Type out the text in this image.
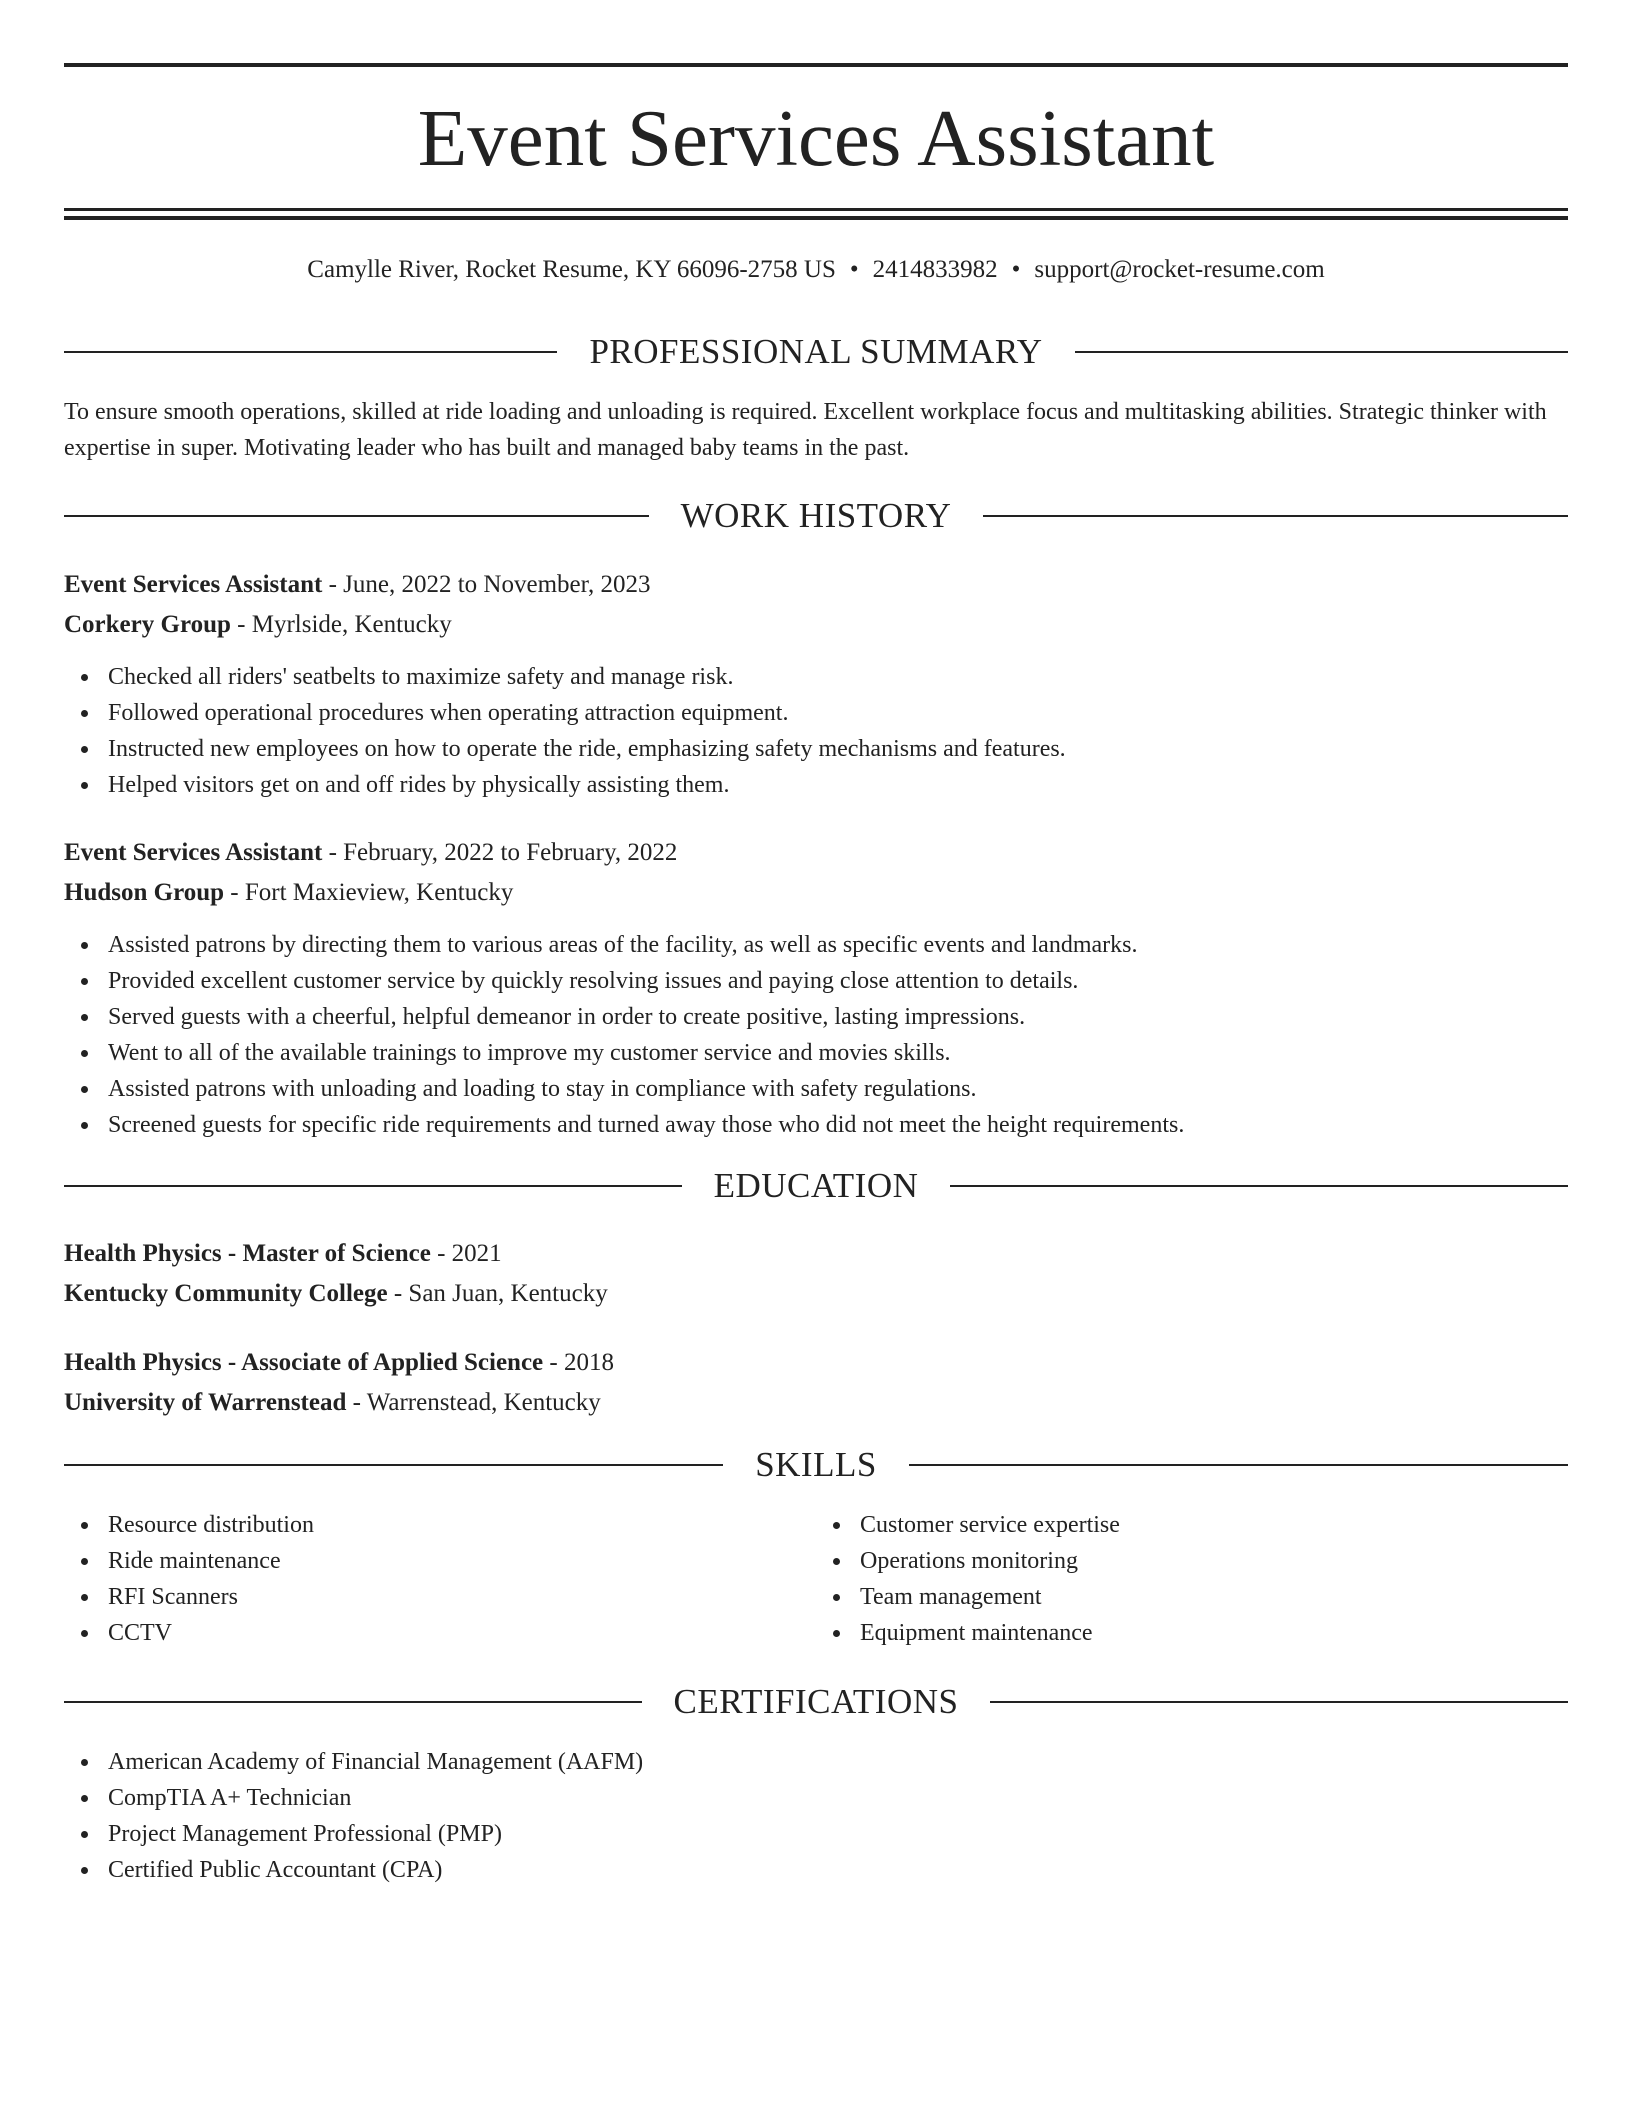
Event Services Assistant
Camylle River, Rocket Resume, KY 66096-2758 US • 2414833982 • support@rocket-resume.com
PROFESSIONAL SUMMARY
To ensure smooth operations, skilled at ride loading and unloading is required. Excellent workplace focus and multitasking abilities. Strategic thinker with expertise in super. Motivating leader who has built and managed baby teams in the past.
WORK HISTORY
Event Services Assistant - June, 2022 to November, 2023
Corkery Group - Myrlside, Kentucky
Checked all riders' seatbelts to maximize safety and manage risk.
Followed operational procedures when operating attraction equipment.
Instructed new employees on how to operate the ride, emphasizing safety mechanisms and features.
Helped visitors get on and off rides by physically assisting them.
Event Services Assistant - February, 2022 to February, 2022
Hudson Group - Fort Maxieview, Kentucky
Assisted patrons by directing them to various areas of the facility, as well as specific events and landmarks.
Provided excellent customer service by quickly resolving issues and paying close attention to details.
Served guests with a cheerful, helpful demeanor in order to create positive, lasting impressions.
Went to all of the available trainings to improve my customer service and movies skills.
Assisted patrons with unloading and loading to stay in compliance with safety regulations.
Screened guests for specific ride requirements and turned away those who did not meet the height requirements.
EDUCATION
Health Physics - Master of Science - 2021
Kentucky Community College - San Juan, Kentucky
Health Physics - Associate of Applied Science - 2018
University of Warrenstead - Warrenstead, Kentucky
SKILLS
Resource distribution
Ride maintenance
RFI Scanners
CCTV
Customer service expertise
Operations monitoring
Team management
Equipment maintenance
CERTIFICATIONS
American Academy of Financial Management (AAFM)
CompTIA A+ Technician
Project Management Professional (PMP)
Certified Public Accountant (CPA)
